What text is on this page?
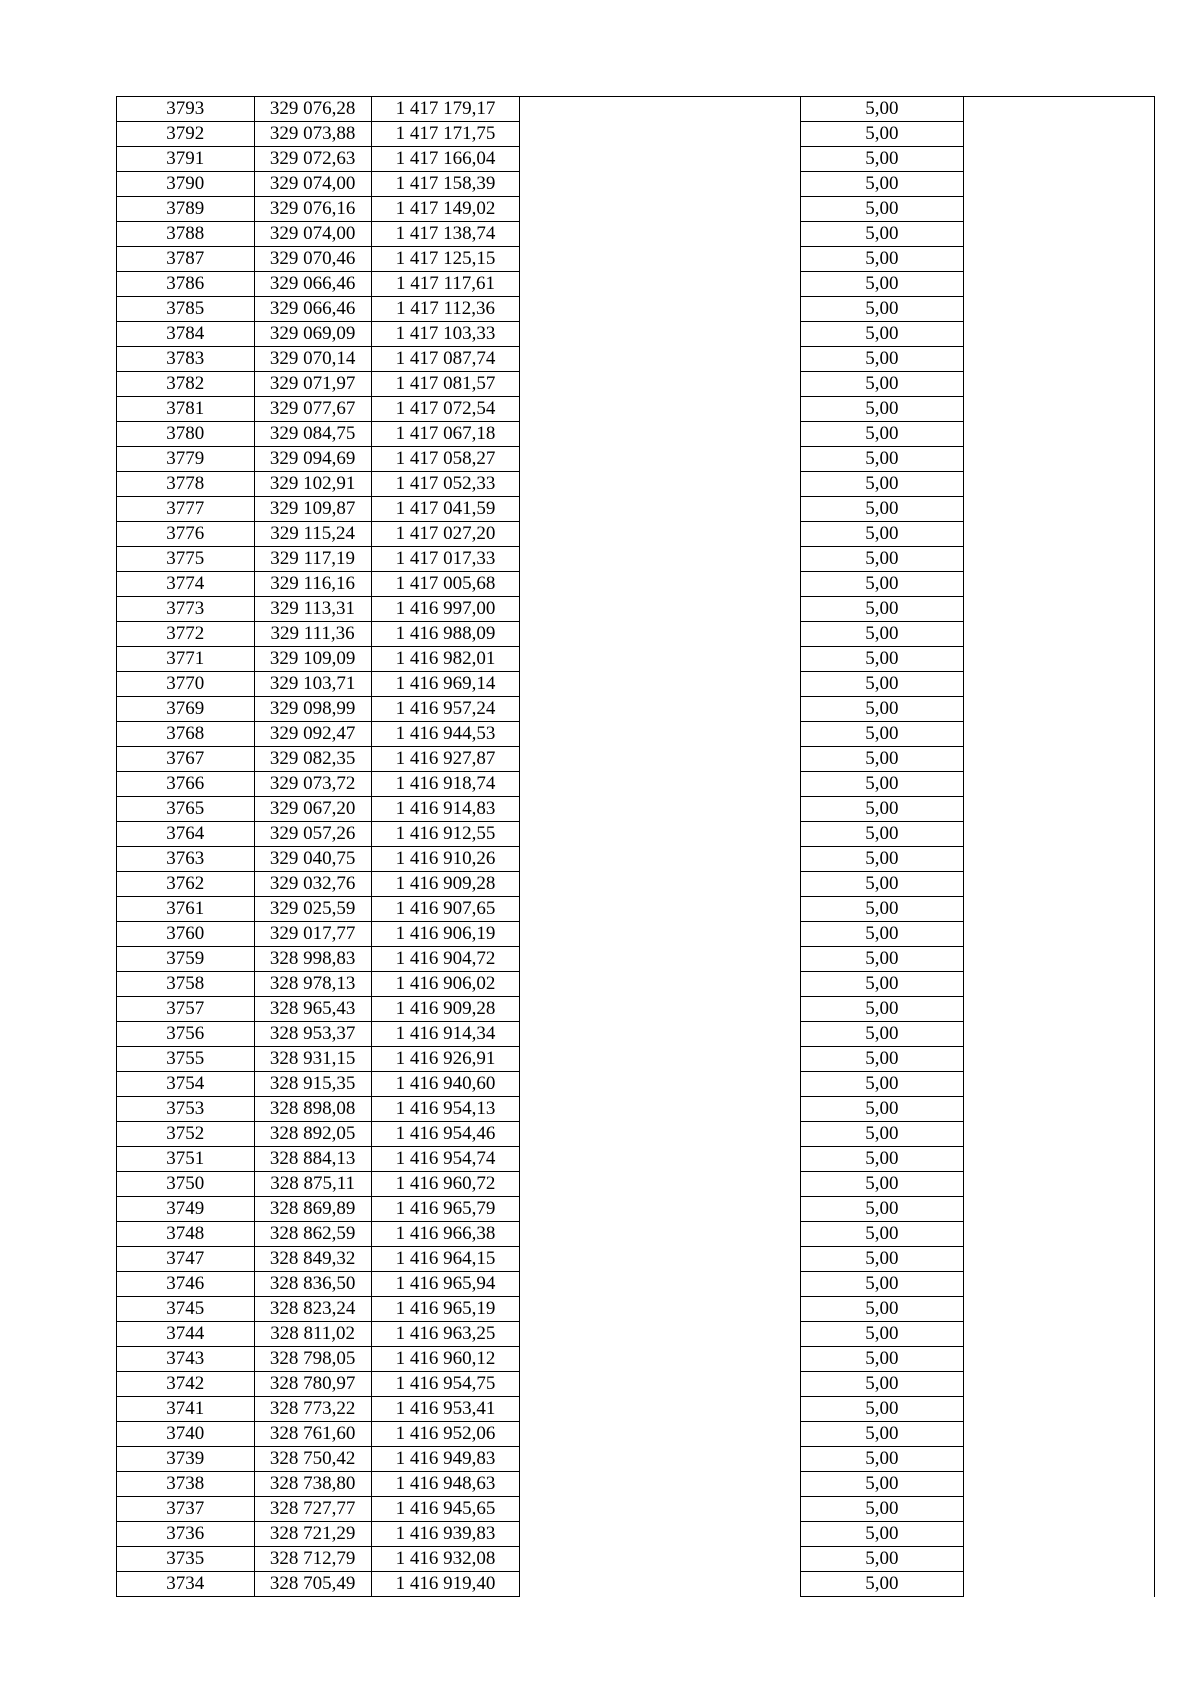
3793	329 076,28	1 417 179,17		5,00	
3792	329 073,88	1 417 171,75		5,00	
3791	329 072,63	1 417 166,04		5,00	
3790	329 074,00	1 417 158,39		5,00	
3789	329 076,16	1 417 149,02		5,00	
3788	329 074,00	1 417 138,74		5,00	
3787	329 070,46	1 417 125,15		5,00	
3786	329 066,46	1 417 117,61		5,00	
3785	329 066,46	1 417 112,36		5,00	
3784	329 069,09	1 417 103,33		5,00	
3783	329 070,14	1 417 087,74		5,00	
3782	329 071,97	1 417 081,57		5,00	
3781	329 077,67	1 417 072,54		5,00	
3780	329 084,75	1 417 067,18		5,00	
3779	329 094,69	1 417 058,27		5,00	
3778	329 102,91	1 417 052,33		5,00	
3777	329 109,87	1 417 041,59		5,00	
3776	329 115,24	1 417 027,20		5,00	
3775	329 117,19	1 417 017,33		5,00	
3774	329 116,16	1 417 005,68		5,00	
3773	329 113,31	1 416 997,00		5,00	
3772	329 111,36	1 416 988,09		5,00	
3771	329 109,09	1 416 982,01		5,00	
3770	329 103,71	1 416 969,14		5,00	
3769	329 098,99	1 416 957,24		5,00	
3768	329 092,47	1 416 944,53		5,00	
3767	329 082,35	1 416 927,87		5,00	
3766	329 073,72	1 416 918,74		5,00	
3765	329 067,20	1 416 914,83		5,00	
3764	329 057,26	1 416 912,55		5,00	
3763	329 040,75	1 416 910,26		5,00	
3762	329 032,76	1 416 909,28		5,00	
3761	329 025,59	1 416 907,65		5,00	
3760	329 017,77	1 416 906,19		5,00	
3759	328 998,83	1 416 904,72		5,00	
3758	328 978,13	1 416 906,02		5,00	
3757	328 965,43	1 416 909,28		5,00	
3756	328 953,37	1 416 914,34		5,00	
3755	328 931,15	1 416 926,91		5,00	
3754	328 915,35	1 416 940,60		5,00	
3753	328 898,08	1 416 954,13		5,00	
3752	328 892,05	1 416 954,46		5,00	
3751	328 884,13	1 416 954,74		5,00	
3750	328 875,11	1 416 960,72		5,00	
3749	328 869,89	1 416 965,79		5,00	
3748	328 862,59	1 416 966,38		5,00	
3747	328 849,32	1 416 964,15		5,00	
3746	328 836,50	1 416 965,94		5,00	
3745	328 823,24	1 416 965,19		5,00	
3744	328 811,02	1 416 963,25		5,00	
3743	328 798,05	1 416 960,12		5,00	
3742	328 780,97	1 416 954,75		5,00	
3741	328 773,22	1 416 953,41		5,00	
3740	328 761,60	1 416 952,06		5,00	
3739	328 750,42	1 416 949,83		5,00	
3738	328 738,80	1 416 948,63		5,00	
3737	328 727,77	1 416 945,65		5,00	
3736	328 721,29	1 416 939,83		5,00	
3735	328 712,79	1 416 932,08		5,00	
3734	328 705,49	1 416 919,40		5,00	
